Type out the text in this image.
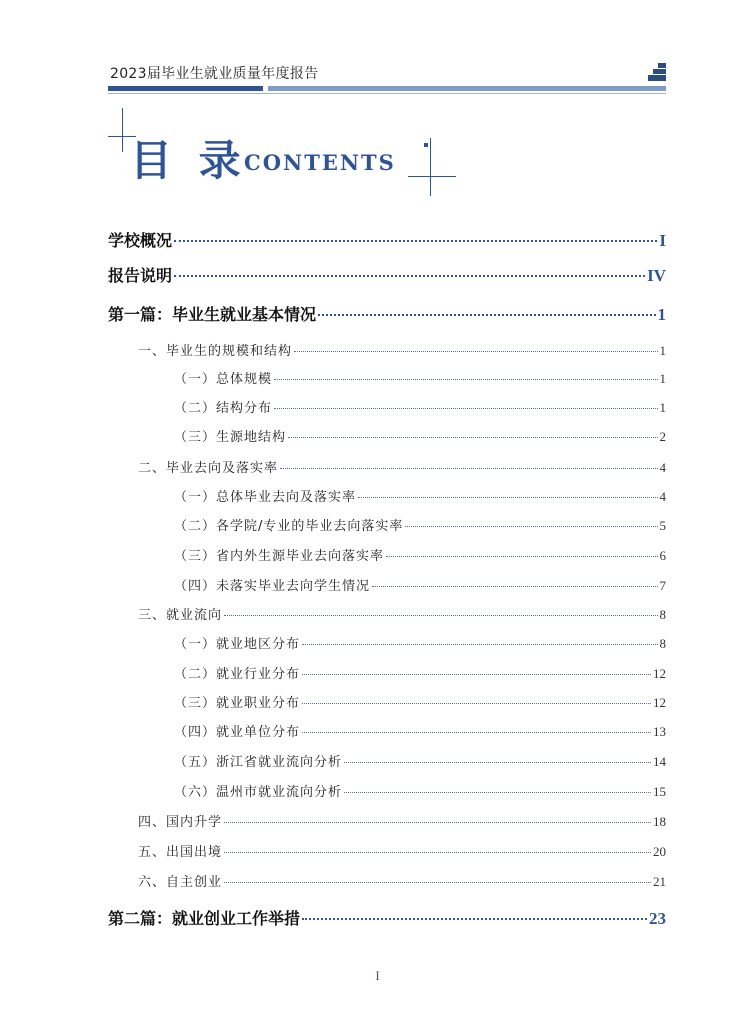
2023届毕业生就业质量年度报告
目 录
CONTENTS
学校概况	I
报告说明	IV
第一篇：毕业生就业基本情况	1
一、毕业生的规模和结构	1
（一）总体规模	1
（二）结构分布	1
（三）生源地结构	2
二、毕业去向及落实率	4
（一）总体毕业去向及落实率	4
（二）各学院/专业的毕业去向落实率	5
（三）省内外生源毕业去向落实率	6
（四）未落实毕业去向学生情况	7
三、就业流向	8
（一）就业地区分布	8
（二）就业行业分布	12
（三）就业职业分布	12
（四）就业单位分布	13
（五）浙江省就业流向分析	14
（六）温州市就业流向分析	15
四、国内升学	18
五、出国出境	20
六、自主创业	21
第二篇：就业创业工作举措	23
I
